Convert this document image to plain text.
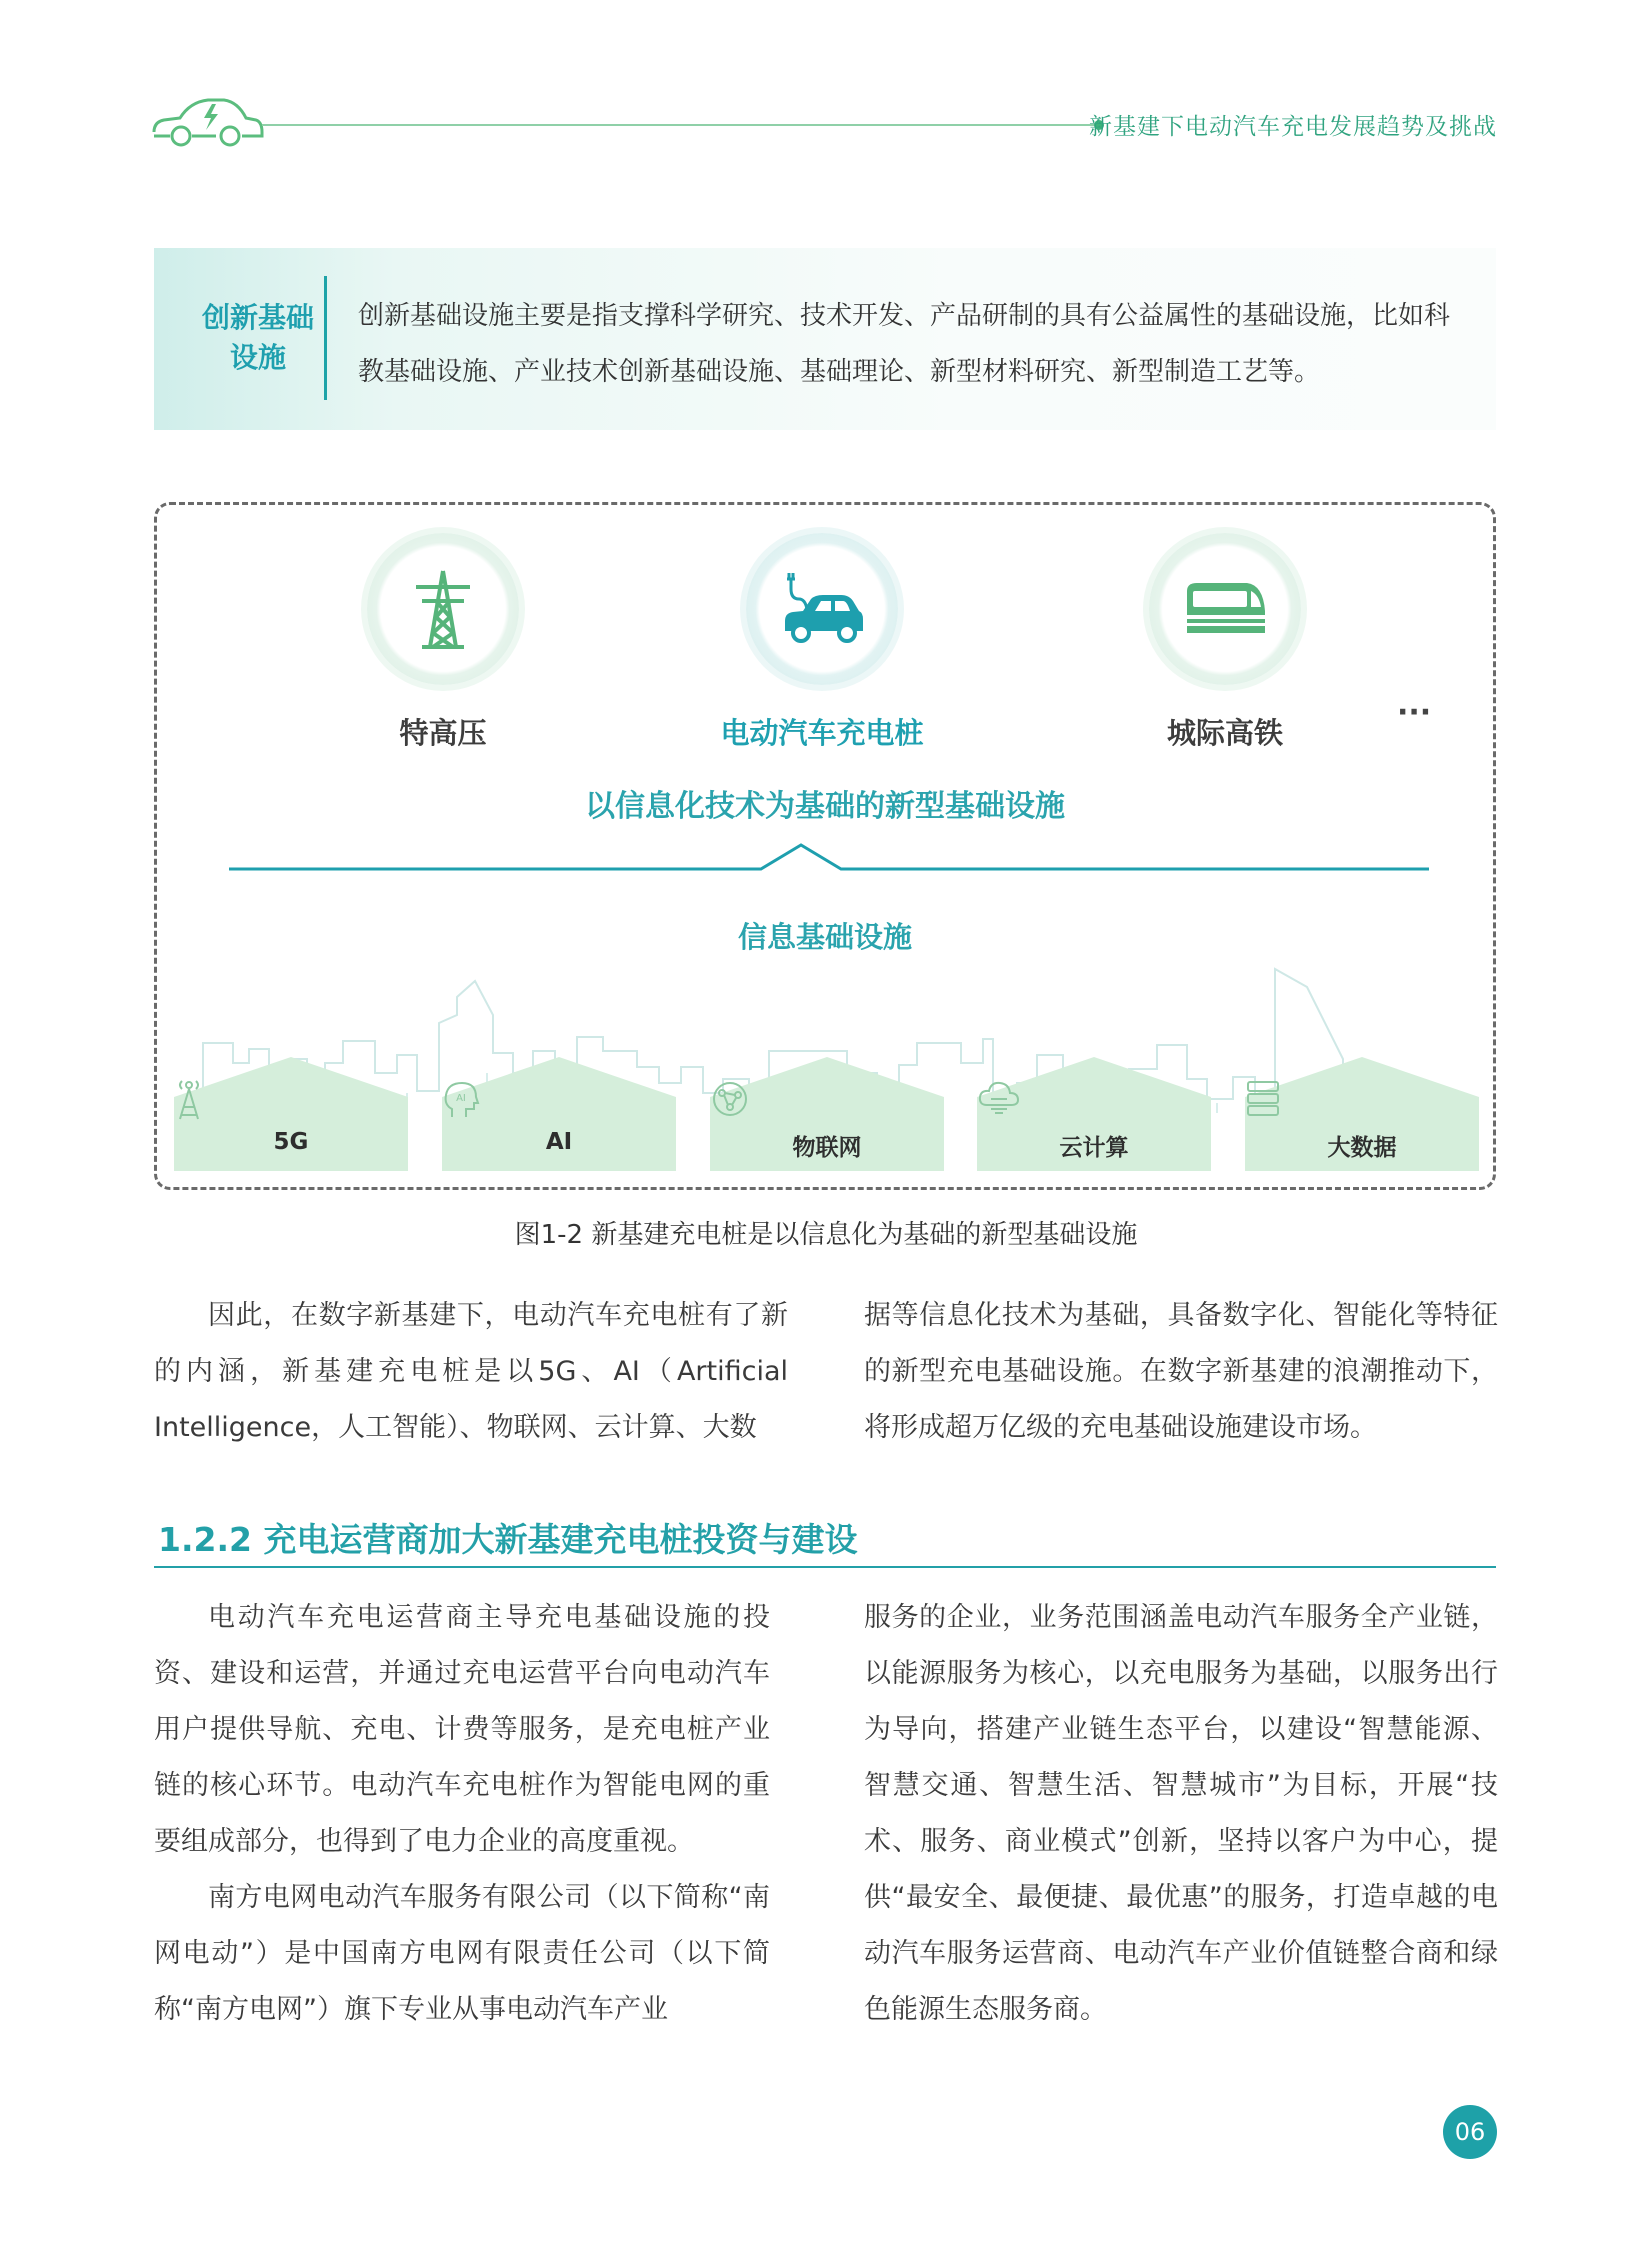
新基建下电动汽车充电发展趋势及挑战
创新基础
设施
创新基础设施主要是指支撑科学研究、技术开发、产品研制的具有公益属性的基础设施，比如科教基础设施、产业技术创新基础设施、基础理论、新型材料研究、新型制造工艺等。
特高压	电动汽车充电桩	城际高铁
···
以信息化技术为基础的新型基础设施
信息基础设施
5G
AI
AI	物联网	云计算	大数据
图1-2 新基建充电桩是以信息化为基础的新型基础设施
因此，在数字新基建下，电动汽车充电桩有了新的内涵，新基建充电桩是以5G、AI（Artificial Intelligence，人工智能）、物联网、云计算、大数
据等信息化技术为基础，具备数字化、智能化等特征的新型充电基础设施。在数字新基建的浪潮推动下，将形成超万亿级的充电基础设施建设市场。
1.2.2 充电运营商加大新基建充电桩投资与建设
电动汽车充电运营商主导充电基础设施的投资、建设和运营，并通过充电运营平台向电动汽车用户提供导航、充电、计费等服务，是充电桩产业链的核心环节。电动汽车充电桩作为智能电网的重要组成部分，也得到了电力企业的高度重视。
南方电网电动汽车服务有限公司（以下简称“南网电动”）是中国南方电网有限责任公司（以下简称“南方电网”）旗下专业从事电动汽车产业
服务的企业，业务范围涵盖电动汽车服务全产业链，以能源服务为核心，以充电服务为基础，以服务出行为导向，搭建产业链生态平台，以建设“智慧能源、智慧交通、智慧生活、智慧城市”为目标，开展“技术、服务、商业模式”创新，坚持以客户为中心，提供“最安全、最便捷、最优惠”的服务，打造卓越的电动汽车服务运营商、电动汽车产业价值链整合商和绿色能源生态服务商。
06
